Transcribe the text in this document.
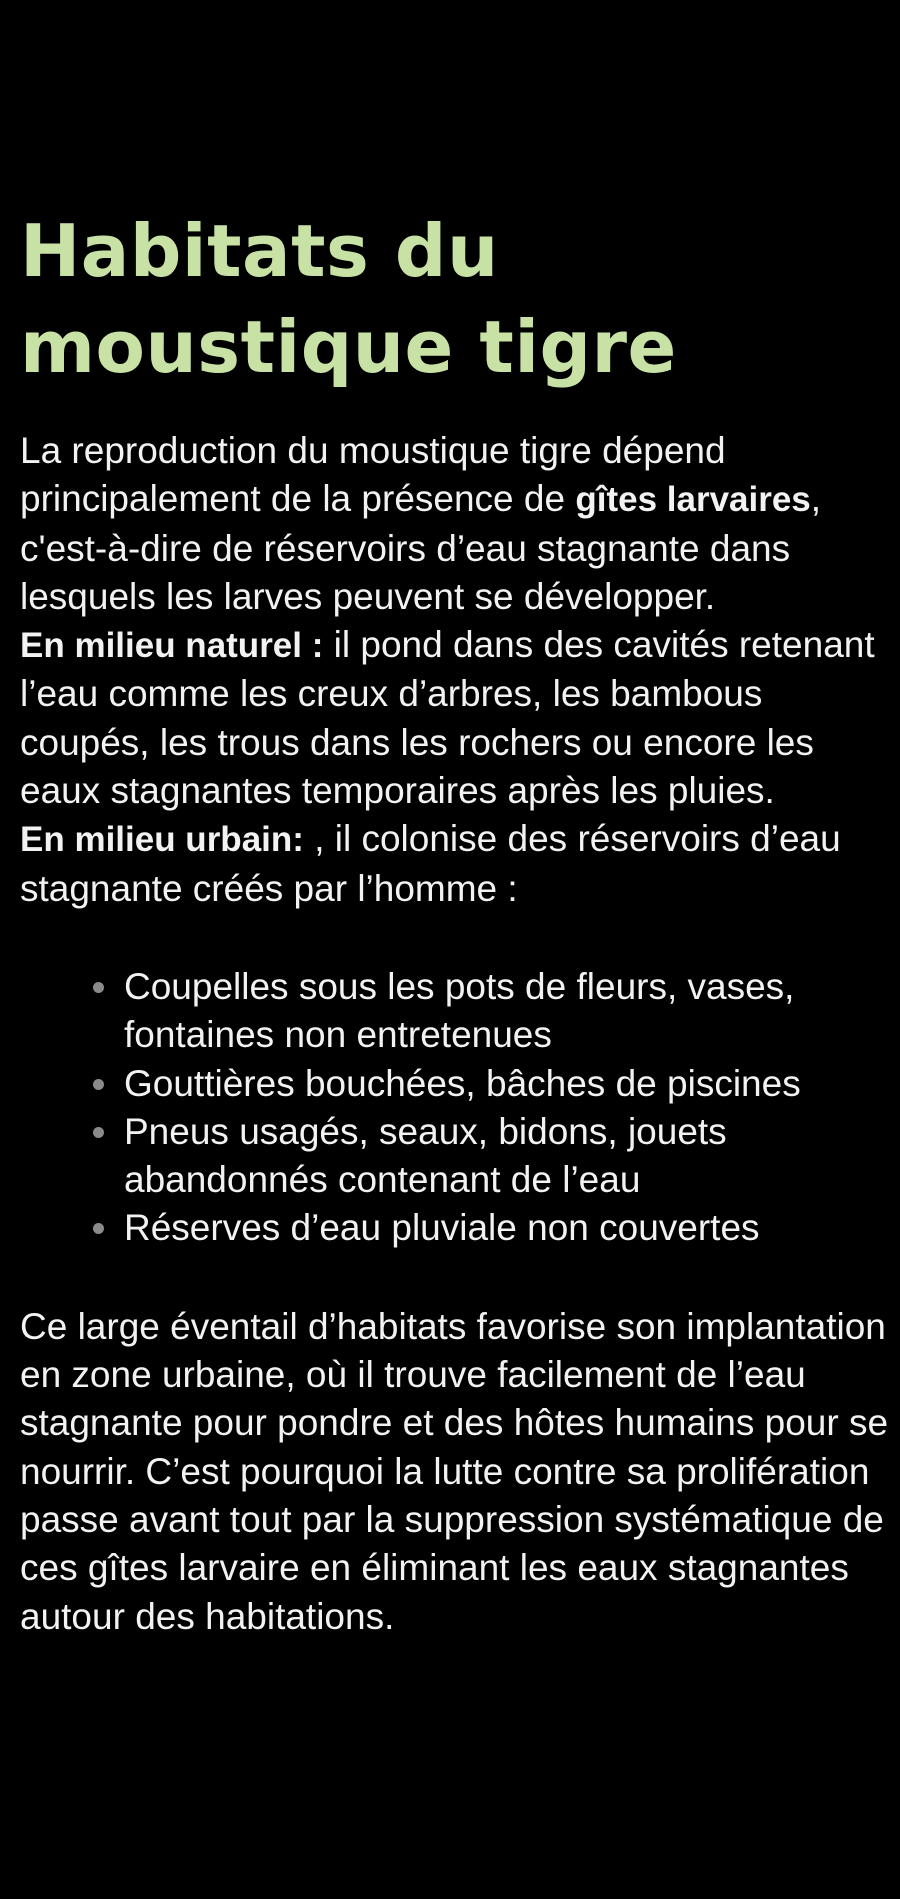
Habitats du moustique tigre

La reproduction du moustique tigre dépend principalement de la présence de gîtes larvaires, c'est-à-dire de réservoirs d’eau stagnante dans lesquels les larves peuvent se développer.

En milieu naturel : il pond dans des cavités retenant l’eau comme les creux d’arbres, les bambous coupés, les trous dans les rochers ou encore les eaux stagnantes temporaires après les pluies.

En milieu urbain: , il colonise des réservoirs d’eau stagnante créés par l’homme :

Coupelles sous les pots de fleurs, vases, fontaines non entretenues
Gouttières bouchées, bâches de piscines
Pneus usagés, seaux, bidons, jouets abandonnés contenant de l’eau
Réserves d’eau pluviale non couvertes

Ce large éventail d’habitats favorise son implantation en zone urbaine, où il trouve facilement de l’eau stagnante pour pondre et des hôtes humains pour se nourrir. C’est pourquoi la lutte contre sa prolifération passe avant tout par la suppression systématique de ces gîtes larvaire en éliminant les eaux stagnantes autour des habitations.
